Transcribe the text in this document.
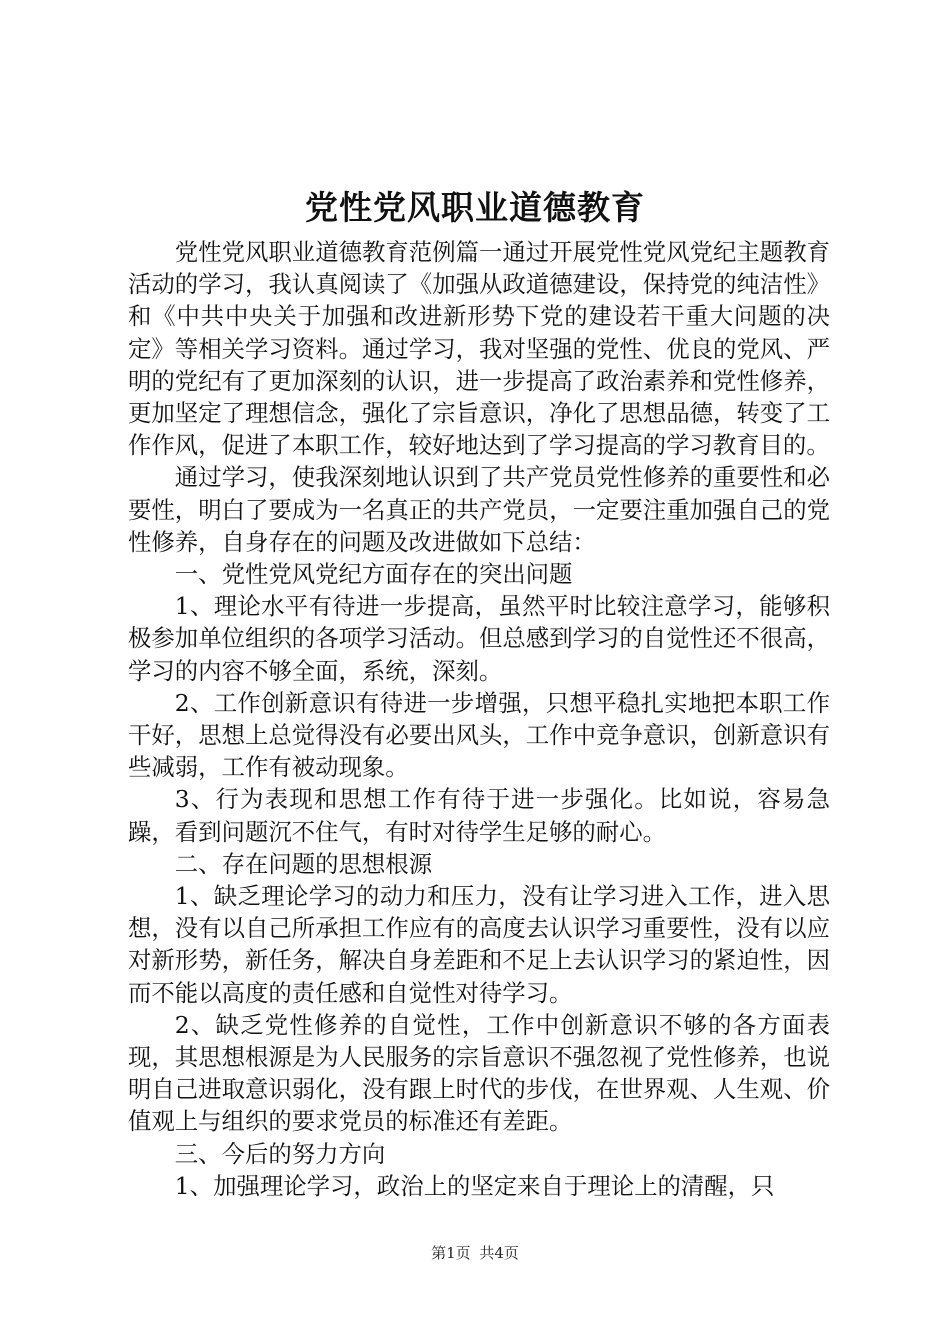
党性党风职业道德教育

党性党风职业道德教育范例篇一通过开展党性党风党纪主题教育活动的学习，我认真阅读了《加强从政道德建设，保持党的纯洁性》和《中共中央关于加强和改进新形势下党的建设若干重大问题的决定》等相关学习资料。通过学习，我对坚强的党性、优良的党风、严明的党纪有了更加深刻的认识，进一步提高了政治素养和党性修养，更加坚定了理想信念，强化了宗旨意识，净化了思想品德，转变了工作作风，促进了本职工作，较好地达到了学习提高的学习教育目的。

通过学习，使我深刻地认识到了共产党员党性修养的重要性和必要性，明白了要成为一名真正的共产党员，一定要注重加强自己的党性修养，自身存在的问题及改进做如下总结：

一、党性党风党纪方面存在的突出问题

1、理论水平有待进一步提高，虽然平时比较注意学习，能够积极参加单位组织的各项学习活动。但总感到学习的自觉性还不很高，学习的内容不够全面，系统，深刻。

2、工作创新意识有待进一步增强，只想平稳扎实地把本职工作干好，思想上总觉得没有必要出风头，工作中竞争意识，创新意识有些减弱，工作有被动现象。

3、行为表现和思想工作有待于进一步强化。比如说，容易急躁，看到问题沉不住气，有时对待学生足够的耐心。

二、存在问题的思想根源

1、缺乏理论学习的动力和压力，没有让学习进入工作，进入思想，没有以自己所承担工作应有的高度去认识学习重要性，没有以应对新形势，新任务，解决自身差距和不足上去认识学习的紧迫性，因而不能以高度的责任感和自觉性对待学习。

2、缺乏党性修养的自觉性，工作中创新意识不够的各方面表现，其思想根源是为人民服务的宗旨意识不强忽视了党性修养，也说明自己进取意识弱化，没有跟上时代的步伐，在世界观、人生观、价值观上与组织的要求党员的标准还有差距。

三、今后的努力方向

1、加强理论学习，政治上的坚定来自于理论上的清醒，只

第1页 共4页
